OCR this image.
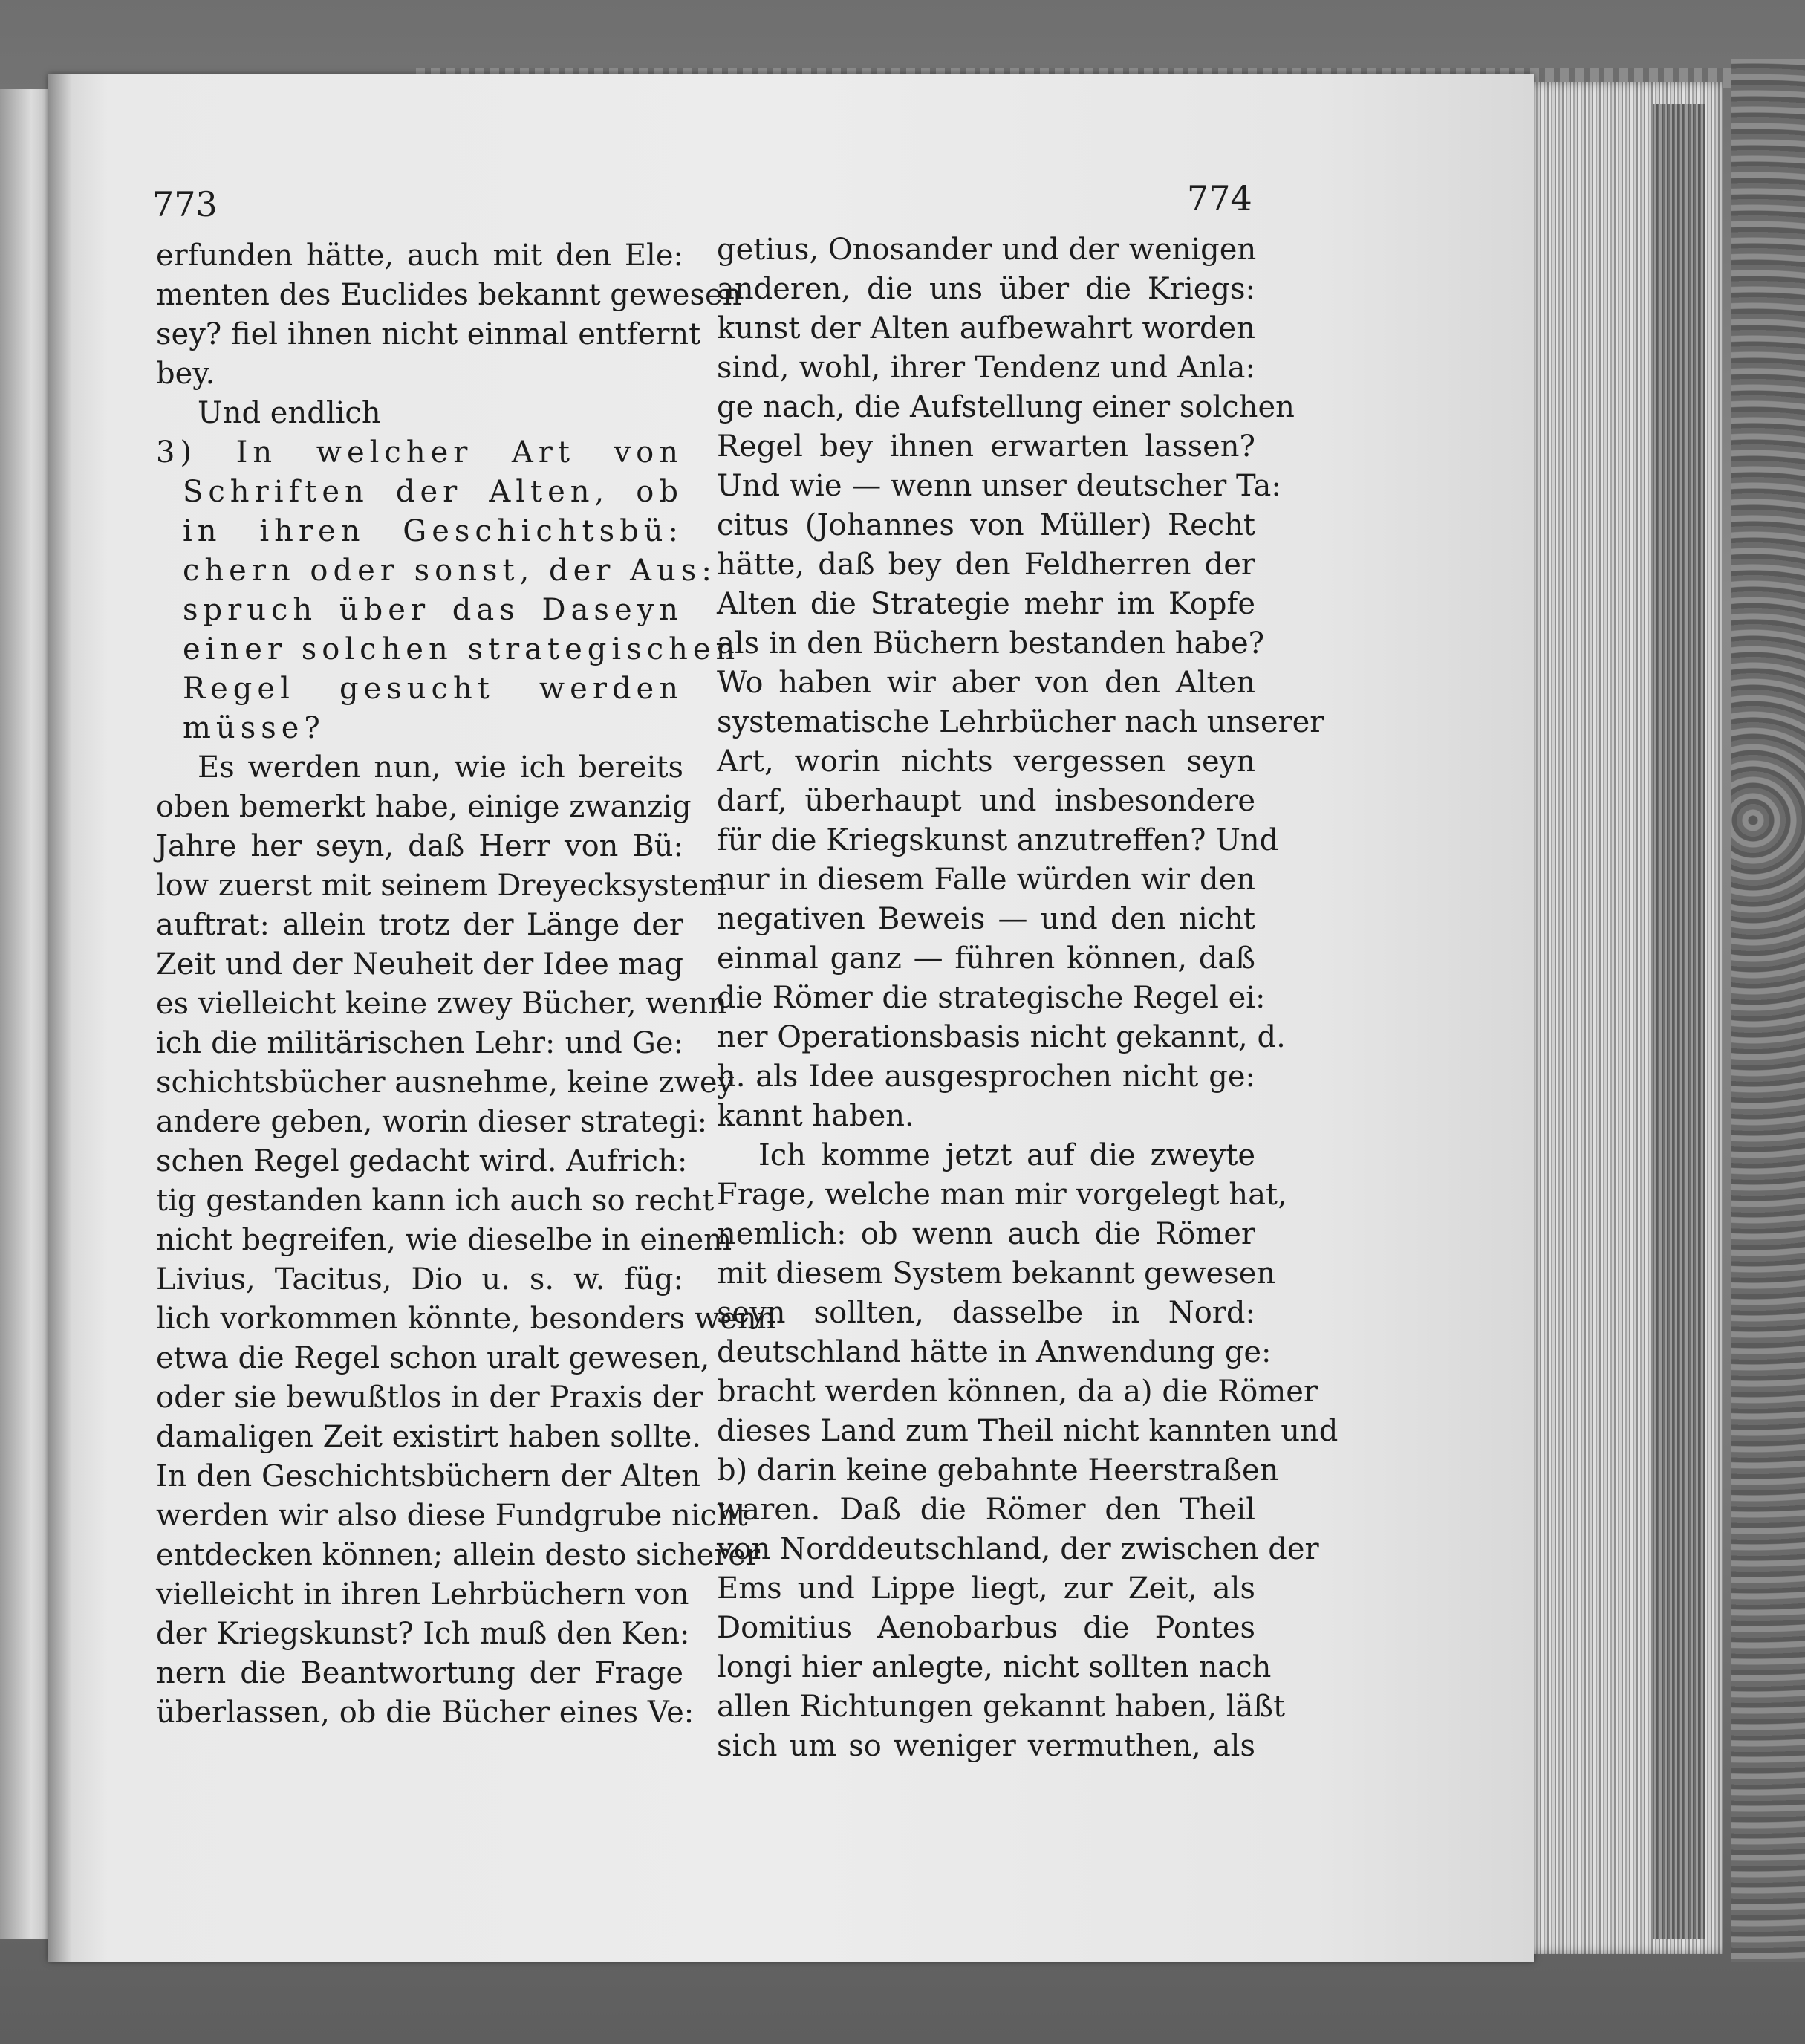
773	774
erfunden hätte, auch mit den Ele:
menten des Euclides bekannt gewesen
sey? fiel ihnen nicht einmal entfernt
bey.
Und endlich
3) In welcher Art von
Schriften der Alten, ob
in ihren Geschichtsbü:
chern oder sonst, der Aus:
spruch über das Daseyn
einer solchen strategischen
Regel gesucht werden
müsse?
Es werden nun, wie ich bereits
oben bemerkt habe, einige zwanzig
Jahre her seyn, daß Herr von Bü:
low zuerst mit seinem Dreyecksystem
auftrat: allein trotz der Länge der
Zeit und der Neuheit der Idee mag
es vielleicht keine zwey Bücher, wenn
ich die militärischen Lehr: und Ge:
schichtsbücher ausnehme, keine zwey
andere geben, worin dieser strategi:
schen Regel gedacht wird. Aufrich:
tig gestanden kann ich auch so recht
nicht begreifen, wie dieselbe in einem
Livius, Tacitus, Dio u. s. w. füg:
lich vorkommen könnte, besonders wenn
etwa die Regel schon uralt gewesen,
oder sie bewußtlos in der Praxis der
damaligen Zeit existirt haben sollte.
In den Geschichtsbüchern der Alten
werden wir also diese Fundgrube nicht
entdecken können; allein desto sicherer
vielleicht in ihren Lehrbüchern von
der Kriegskunst? Ich muß den Ken:
nern die Beantwortung der Frage
überlassen, ob die Bücher eines Ve:
getius, Onosander und der wenigen
anderen, die uns über die Kriegs:
kunst der Alten aufbewahrt worden
sind, wohl, ihrer Tendenz und Anla:
ge nach, die Aufstellung einer solchen
Regel bey ihnen erwarten lassen?
Und wie — wenn unser deutscher Ta:
citus (Johannes von Müller) Recht
hätte, daß bey den Feldherren der
Alten die Strategie mehr im Kopfe
als in den Büchern bestanden habe?
Wo haben wir aber von den Alten
systematische Lehrbücher nach unserer
Art, worin nichts vergessen seyn
darf, überhaupt und insbesondere
für die Kriegskunst anzutreffen? Und
nur in diesem Falle würden wir den
negativen Beweis — und den nicht
einmal ganz — führen können, daß
die Römer die strategische Regel ei:
ner Operationsbasis nicht gekannt, d.
h. als Idee ausgesprochen nicht ge:
kannt haben.
Ich komme jetzt auf die zweyte
Frage, welche man mir vorgelegt hat,
nemlich: ob wenn auch die Römer
mit diesem System bekannt gewesen
seyn sollten, dasselbe in Nord:
deutschland hätte in Anwendung ge:
bracht werden können, da a) die Römer
dieses Land zum Theil nicht kannten und
b) darin keine gebahnte Heerstraßen
waren. Daß die Römer den Theil
von Norddeutschland, der zwischen der
Ems und Lippe liegt, zur Zeit, als
Domitius Aenobarbus die Pontes
longi hier anlegte, nicht sollten nach
allen Richtungen gekannt haben, läßt
sich um so weniger vermuthen, als
